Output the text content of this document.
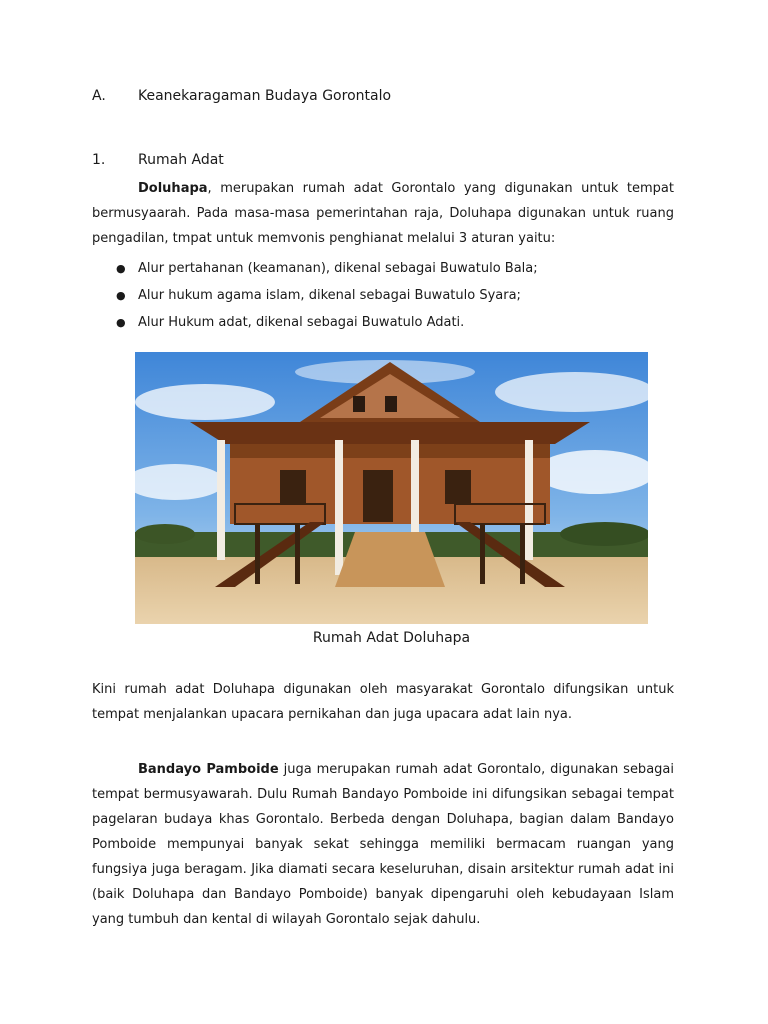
A. Keanekaragaman Budaya Gorontalo
1. Rumah Adat

Doluhapa, merupakan rumah adat Gorontalo yang digunakan untuk tempat bermusyaarah. Pada masa-masa pemerintahan raja, Doluhapa digunakan untuk ruang pengadilan, tmpat untuk memvonis penghianat melalui 3 aturan yaitu:

● Alur pertahanan (keamanan), dikenal sebagai Buwatulo Bala;
● Alur hukum agama islam, dikenal sebagai Buwatulo Syara;
● Alur Hukum adat, dikenal sebagai Buwatulo Adati.
Rumah Adat Doluhapa

Kini rumah adat Doluhapa digunakan oleh masyarakat Gorontalo difungsikan untuk tempat menjalankan upacara pernikahan dan juga upacara adat lain nya.

Bandayo Pamboide juga merupakan rumah adat Gorontalo, digunakan sebagai tempat bermusyawarah. Dulu Rumah Bandayo Pomboide ini difungsikan sebagai tempat pagelaran budaya khas Gorontalo. Berbeda dengan Doluhapa, bagian dalam Bandayo Pomboide mempunyai banyak sekat sehingga memiliki bermacam ruangan yang fungsiya juga beragam. Jika diamati secara keseluruhan, disain arsitektur rumah adat ini (baik Doluhapa dan Bandayo Pomboide) banyak dipengaruhi oleh kebudayaan Islam yang tumbuh dan kental di wilayah Gorontalo sejak dahulu.
